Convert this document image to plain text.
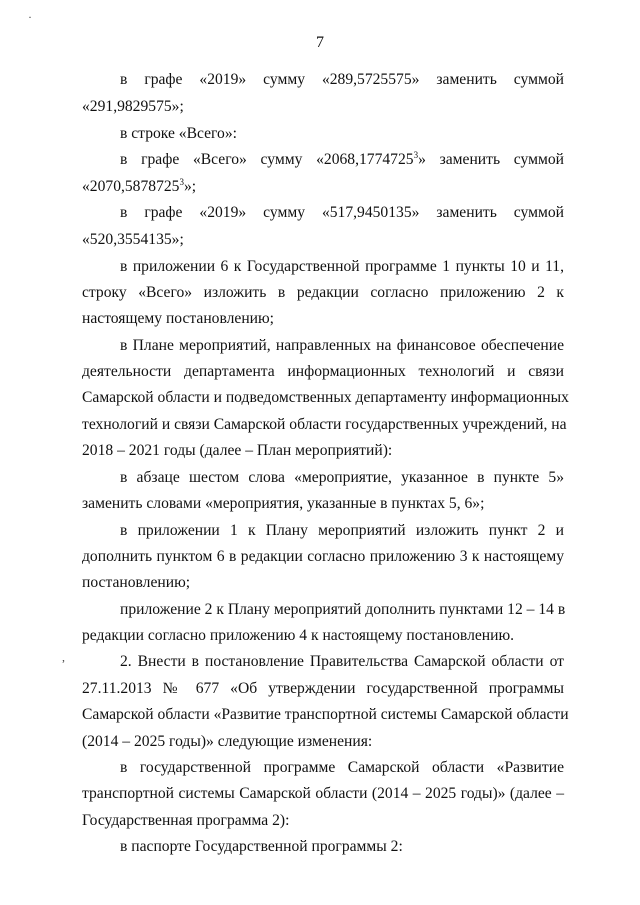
7
в графе «2019» сумму «289,5725575» заменить суммой
«291,9829575»;
в строке «Всего»:
в графе «Всего» сумму «2068,1774725$^3$» заменить суммой
«2070,5878725$^3$»;
в графе «2019» сумму «517,9450135» заменить суммой
«520,3554135»;
в приложении 6 к Государственной программе 1 пункты 10 и 11,
строку «Всего» изложить в редакции согласно приложению 2 к
настоящему постановлению;
в Плане мероприятий, направленных на финансовое обеспечение
деятельности департамента информационных технологий и связи
Самарской области и подведомственных департаменту информационных
технологий и связи Самарской области государственных учреждений, на
2018 – 2021 годы (далее – План мероприятий):
в абзаце шестом слова «мероприятие, указанное в пункте 5»
заменить словами «мероприятия, указанные в пунктах 5, 6»;
в приложении 1 к Плану мероприятий изложить пункт 2 и
дополнить пунктом 6 в редакции согласно приложению 3 к настоящему
постановлению;
приложение 2 к Плану мероприятий дополнить пунктами 12 – 14 в
редакции согласно приложению 4 к настоящему постановлению.
2. Внести в постановление Правительства Самарской области от
27.11.2013 № 677 «Об утверждении государственной программы
Самарской области «Развитие транспортной системы Самарской области
(2014 – 2025 годы)» следующие изменения:
в государственной программе Самарской области «Развитие
транспортной системы Самарской области (2014 – 2025 годы)» (далее –
Государственная программа 2):
в паспорте Государственной программы 2:
·
,
